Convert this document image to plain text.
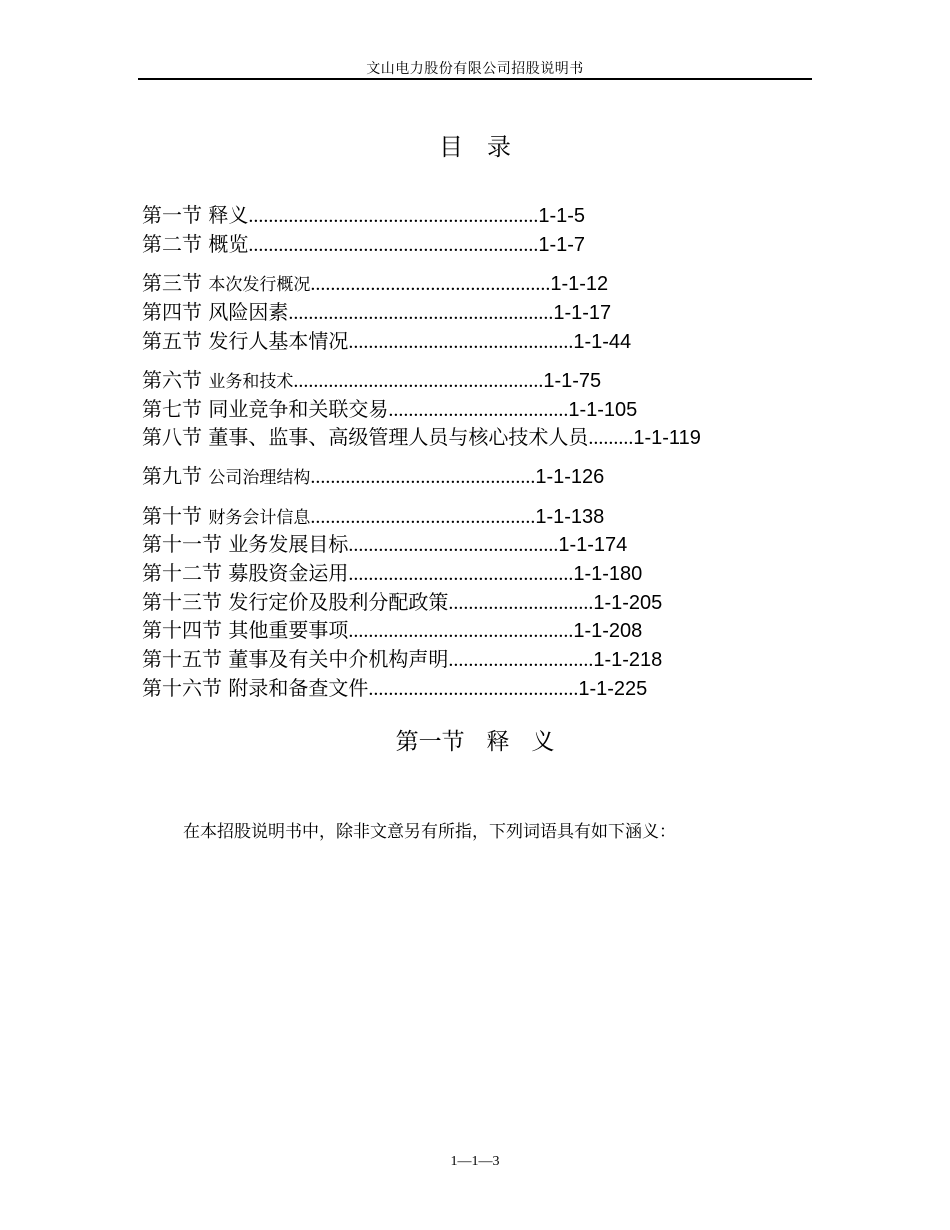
文山电力股份有限公司招股说明书
目 录
第一节 释义..........................................................1-1-5
第二节 概览..........................................................1-1-7
第三节 本次发行概况................................................1-1-12
第四节 风险因素.....................................................1-1-17
第五节 发行人基本情况.............................................1-1-44
第六节 业务和技术..................................................1-1-75
第七节 同业竞争和关联交易....................................1-1-105
第八节 董事、监事、高级管理人员与核心技术人员.........1-1-119
第九节 公司治理结构.............................................1-1-126
第十节 财务会计信息.............................................1-1-138
第十一节 业务发展目标..........................................1-1-174
第十二节 募股资金运用.............................................1-1-180
第十三节 发行定价及股利分配政策.............................1-1-205
第十四节 其他重要事项.............................................1-1-208
第十五节 董事及有关中介机构声明.............................1-1-218
第十六节 附录和备查文件..........................................1-1-225
第一节   释   义
在本招股说明书中，除非文意另有所指，下列词语具有如下涵义：
1—1—3
